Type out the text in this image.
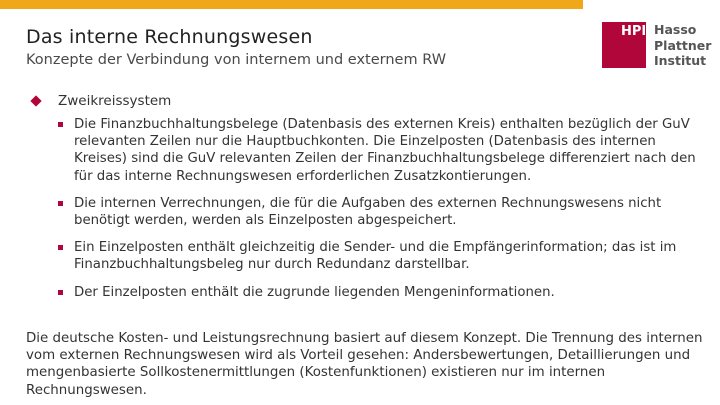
Das interne Rechnungswesen
Konzepte der Verbindung von internem und externem RW
HPI Hasso
Plattner
Institut
Zweikreissystem
Die Finanzbuchhaltungsbelege (Datenbasis des externen Kreis) enthalten bezüglich der GuV relevanten Zeilen nur die Hauptbuchkonten. Die Einzelposten (Datenbasis des internen Kreises) sind die GuV relevanten Zeilen der Finanzbuchhaltungsbelege differenziert nach den für das interne Rechnungswesen erforderlichen Zusatzkontierungen.
Die internen Verrechnungen, die für die Aufgaben des externen Rechnungswesens nicht benötigt werden, werden als Einzelposten abgespeichert.
Ein Einzelposten enthält gleichzeitig die Sender- und die Empfängerinformation; das ist im Finanzbuchhaltungsbeleg nur durch Redundanz darstellbar.
Der Einzelposten enthält die zugrunde liegenden Mengeninformationen.
Die deutsche Kosten- und Leistungsrechnung basiert auf diesem Konzept. Die Trennung des internen vom externen Rechnungswesen wird als Vorteil gesehen: Andersbewertungen, Detaillierungen und mengenbasierte Sollkostenermittlungen (Kostenfunktionen) existieren nur im internen Rechnungswesen.
